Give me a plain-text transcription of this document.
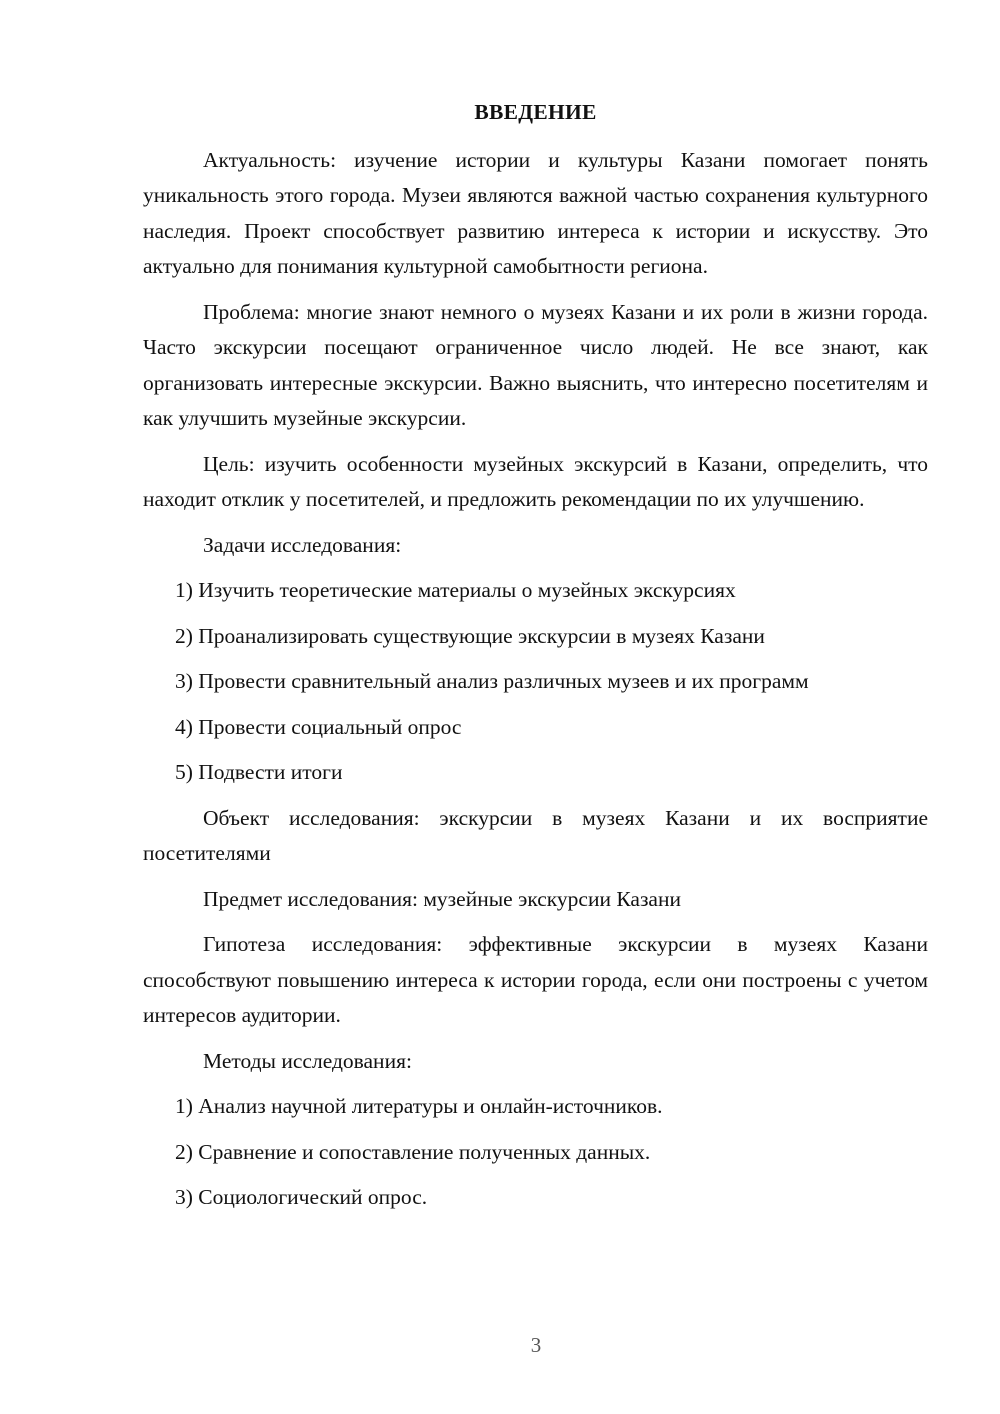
ВВЕДЕНИЕ

Актуальность: изучение истории и культуры Казани помогает понять уникальность этого города. Музеи являются важной частью сохранения культурного наследия. Проект способствует развитию интереса к истории и искусству. Это актуально для понимания культурной самобытности региона.

Проблема: многие знают немного о музеях Казани и их роли в жизни города. Часто экскурсии посещают ограниченное число людей. Не все знают, как организовать интересные экскурсии. Важно выяснить, что интересно посетителям и как улучшить музейные экскурсии.

Цель: изучить особенности музейных экскурсий в Казани, определить, что находит отклик у посетителей, и предложить рекомендации по их улучшению.

Задачи исследования:

1) Изучить теоретические материалы о музейных экскурсиях
2) Проанализировать существующие экскурсии в музеях Казани
3) Провести сравнительный анализ различных музеев и их программ
4) Провести социальный опрос
5) Подвести итоги

Объект исследования: экскурсии в музеях Казани и их восприятие посетителями

Предмет исследования: музейные экскурсии Казани

Гипотеза исследования: эффективные экскурсии в музеях Казани способствуют повышению интереса к истории города, если они построены с учетом интересов аудитории.

Методы исследования:

1) Анализ научной литературы и онлайн-источников.
2) Сравнение и сопоставление полученных данных.
3) Социологический опрос.
3
